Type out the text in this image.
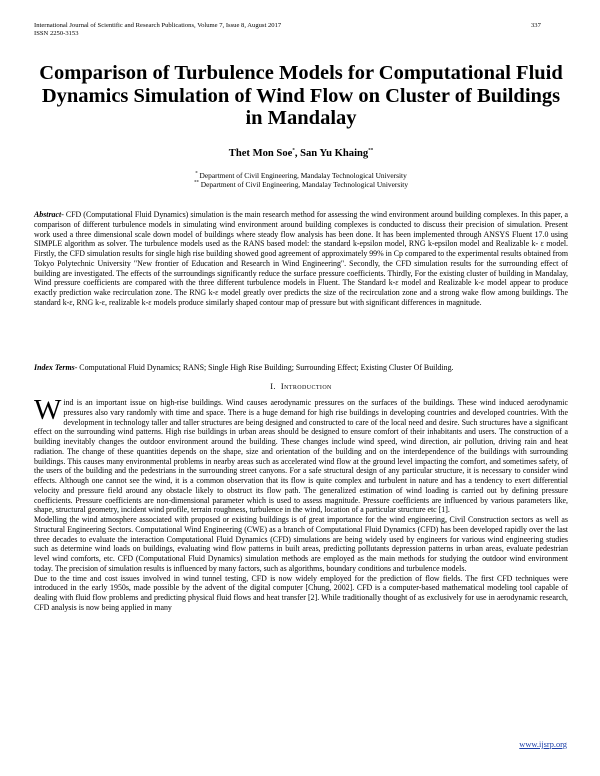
International Journal of Scientific and Research Publications, Volume 7, Issue 8, August 2017
ISSN 2250-3153
337
Comparison of Turbulence Models for Computational Fluid Dynamics Simulation of Wind Flow on Cluster of Buildings in Mandalay
Thet Mon Soe*, San Yu Khaing**
* Department of Civil Engineering, Mandalay Technological University
** Department of Civil Engineering, Mandalay Technological University
Abstract- CFD (Computational Fluid Dynamics) simulation is the main research method for assessing the wind environment around building complexes. In this paper, a comparison of different turbulence models in simulating wind environment around building complexes is conducted to discuss their precision of simulation. Present work used a three dimensional scale down model of buildings where steady flow analysis has been done. It has been implemented through ANSYS Fluent 17.0 using SIMPLE algorithm as solver. The turbulence models used as the RANS based model: the standard k-epsilon model, RNG k-epsilon model and Realizable k- ε model. Firstly, the CFD simulation results for single high rise building showed good agreement of approximately 99% in Cp compared to the experimental results obtained from Tokyo Polytechnic University "New frontier of Education and Research in Wind Engineering". Secondly, the CFD simulation results for the surrounding effect of building are investigated. The effects of the surroundings significantly reduce the surface pressure coefficients. Thirdly, For the existing cluster of building in Mandalay, Wind pressure coefficients are compared with the three different turbulence models in Fluent. The Standard k-ε model and Realizable k-ε model appear to produce exactly prediction wake recirculation zone. The RNG k-ε model greatly over predicts the size of the recirculation zone and a strong wake flow among buildings. The standard k-ε, RNG k-ε, realizable k-ε models produce similarly shaped contour map of pressure but with significant differences in magnitude.
Index Terms- Computational Fluid Dynamics; RANS; Single High Rise Building; Surrounding Effect; Existing Cluster Of Building.
I. Introduction

Wind is an important issue on high-rise buildings. Wind causes aerodynamic pressures on the surfaces of the buildings. These wind induced aerodynamic pressures also vary randomly with time and space. There is a huge demand for high rise buildings in developing countries and developed countries. With the development in technology taller and taller structures are being designed and constructed to care of the local need and desire. Such structures have a significant effect on the surrounding wind patterns. High rise buildings in urban areas should be designed to ensure comfort of their inhabitants and users. The construction of a building inevitably changes the outdoor environment around the building. These changes include wind speed, wind direction, air pollution, driving rain and heat radiation. The change of these quantities depends on the shape, size and orientation of the building and on the interdependence of the buildings with surrounding buildings. This causes many environmental problems in nearby areas such as accelerated wind flow at the ground level impacting the comfort, and sometimes safety, of the users of the building and the pedestrians in the surrounding street canyons. For a safe structural design of any particular structure, it is necessary to consider wind effects. Although one cannot see the wind, it is a common observation that its flow is quite complex and turbulent in nature and has a tendency to exert differential velocity and pressure field around any obstacle likely to obstruct its flow path. The generalized estimation of wind loading is carried out by defining pressure coefficients. Pressure coefficients are non-dimensional parameter which is used to assess magnitude. Pressure coefficients are influenced by various parameters like, shape, structural geometry, incident wind profile, terrain roughness, turbulence in the wind, location of a particular structure etc [1].

Modelling the wind atmosphere associated with proposed or existing buildings is of great importance for the wind engineering, Civil Construction sectors as well as Structural Engineering Sectors. Computational Wind Engineering (CWE) as a branch of Computational Fluid Dynamics (CFD) has been developed rapidly over the last three decades to evaluate the interaction Computational Fluid Dynamics (CFD) simulations are being widely used by engineers for various wind engineering studies such as determine wind loads on buildings, evaluating wind flow patterns in built areas, predicting pollutants depression patterns in urban areas, evaluate pedestrian level wind comforts, etc. CFD (Computational Fluid Dynamics) simulation methods are employed as the main methods for studying the outdoor wind environment today. The precision of simulation results is influenced by many factors, such as algorithms, boundary conditions and turbulence models.

Due to the time and cost issues involved in wind tunnel testing, CFD is now widely employed for the prediction of flow fields. The first CFD techniques were introduced in the early 1950s, made possible by the advent of the digital computer [Chung, 2002]. CFD is a computer-based mathematical modeling tool capable of dealing with fluid flow problems and predicting physical fluid flows and heat transfer [2]. While traditionally thought of as exclusively for use in aerodynamic research, CFD analysis is now being applied in many

www.ijsrp.org
